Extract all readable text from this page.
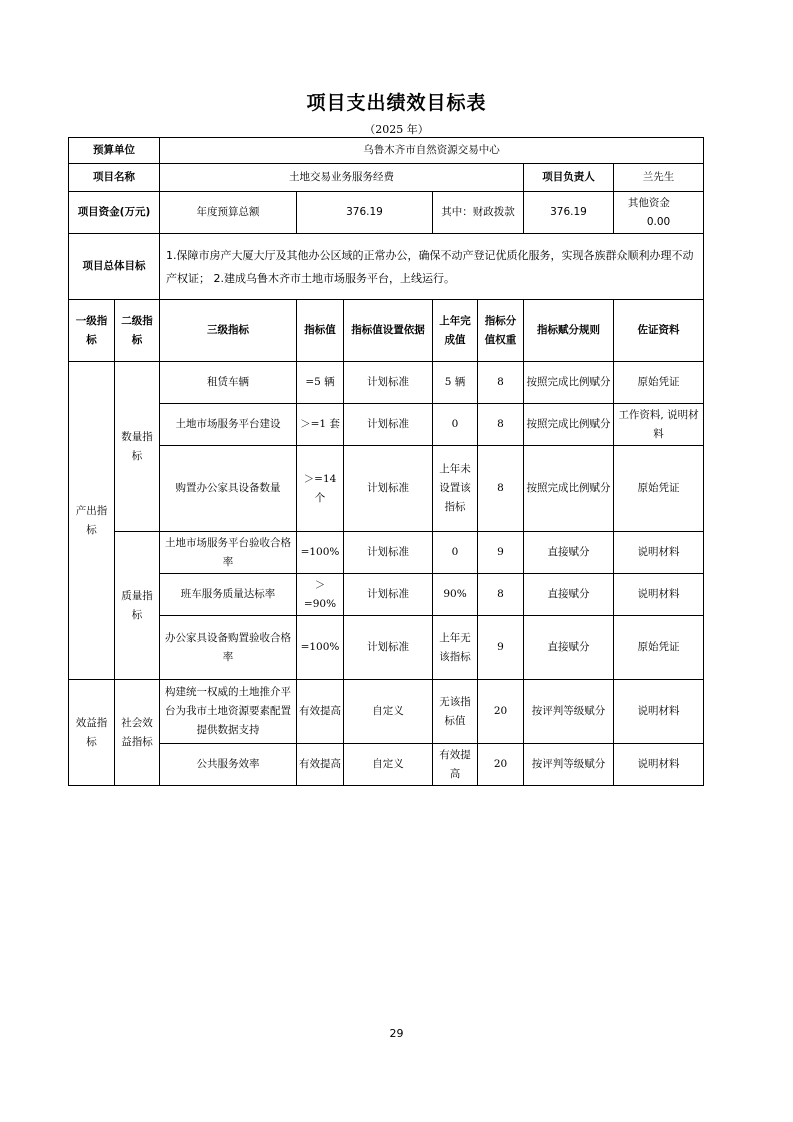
项目支出绩效目标表
（2025 年）
预算单位		乌鲁木齐市自然资源交易中心						
项目名称		土地交易业务服务经费					项目负责人	兰先生
项目资金(万元)		年度预算总额	376.19		其中：财政拨款		376.19	其他资金  0.00
项目总体目标		1.保障市房产大厦大厅及其他办公区域的正常办公，确保不动产登记优质化服务，实现各族群众顺利办理不动产权证； 2.建成乌鲁木齐市土地市场服务平台，上线运行。						
一级指标	二级指标	三级指标	指标值	指标值设置依据	上年完成值	指标分值权重	指标赋分规则	佐证资料
产出指标	数量指标	租赁车辆	=5 辆	计划标准	5 辆	8	按照完成比例赋分	原始凭证
		土地市场服务平台建设	＞=1 套	计划标准	0	8	按照完成比例赋分	工作资料, 说明材料
		购置办公家具设备数量	＞=14 个	计划标准	上年未设置该指标	8	按照完成比例赋分	原始凭证
	质量指标	土地市场服务平台验收合格率	=100%	计划标准	0	9	直接赋分	说明材料
		班车服务质量达标率	＞ =90%	计划标准	90%	8	直接赋分	说明材料
		办公家具设备购置验收合格率	=100%	计划标准	上年无该指标	9	直接赋分	原始凭证
效益指标	社会效益指标	构建统一权威的土地推介平台为我市土地资源要素配置提供数据支持	有效提高	自定义	无该指标值	20	按评判等级赋分	说明材料
		公共服务效率	有效提高	自定义	有效提高	20	按评判等级赋分	说明材料
29
